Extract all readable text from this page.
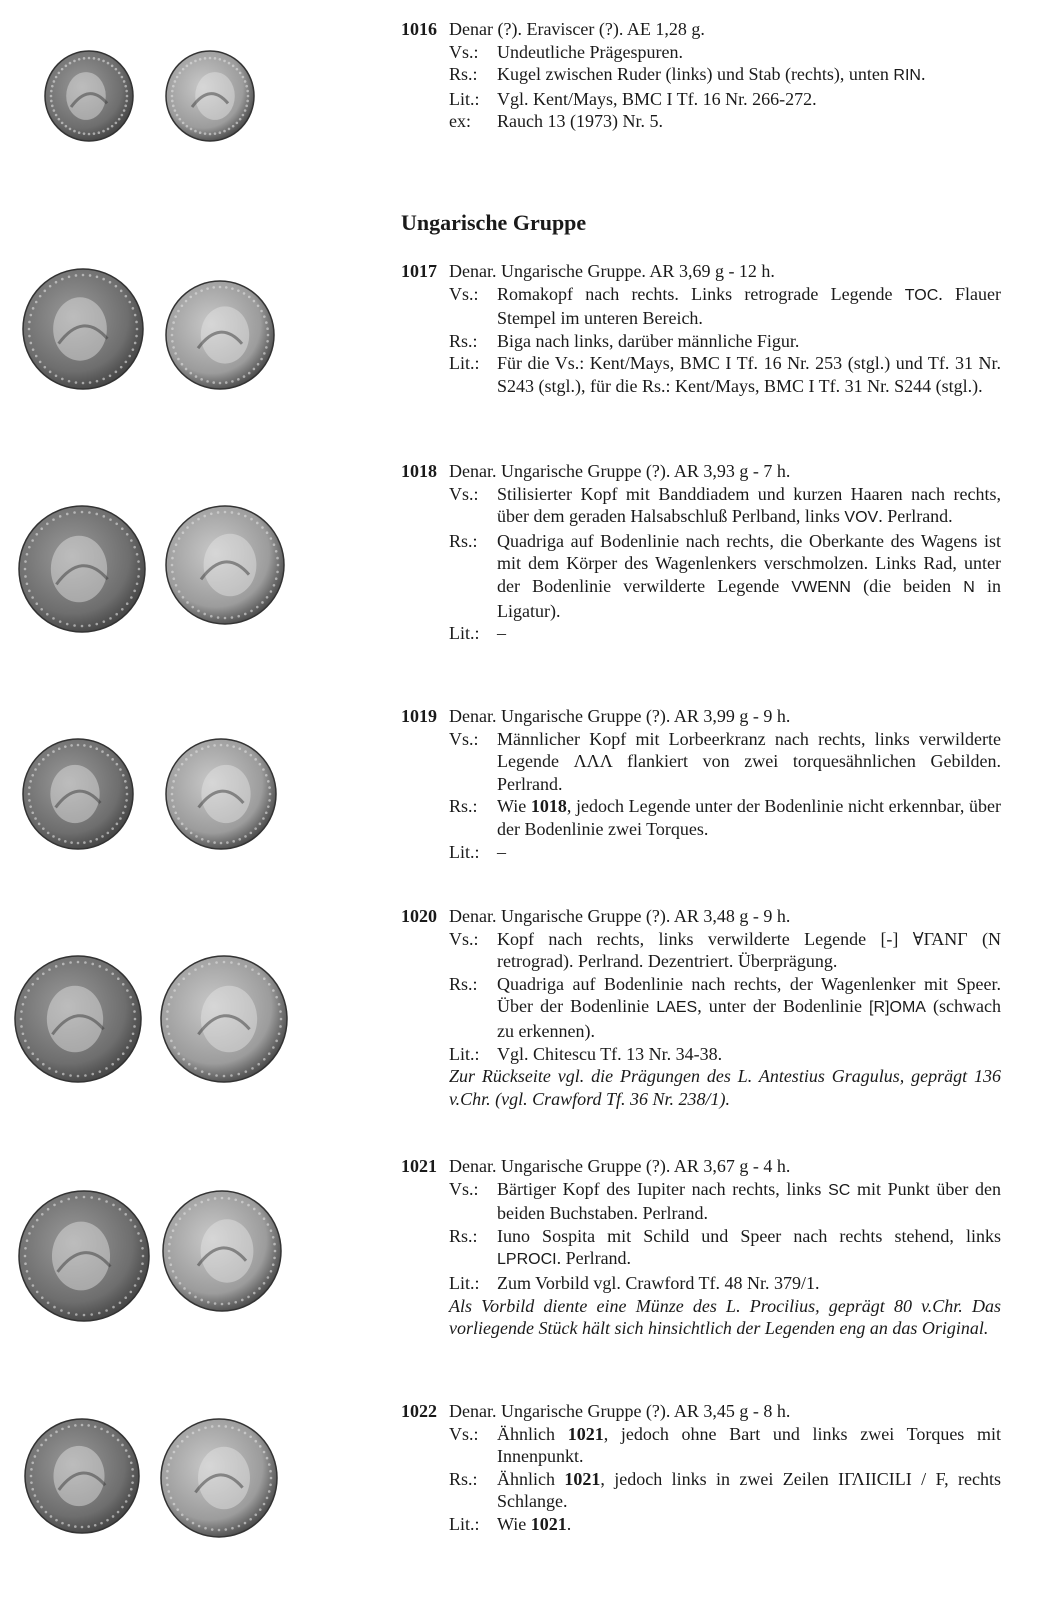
Ungarische Gruppe
1016 Denar (?). Eraviscer (?). AE 1,28 g.
Vs.:	Undeutliche Prägespuren.
Rs.:	Kugel zwischen Ruder (links) und Stab (rechts), unten RIN.
Lit.: Vgl. Kent/Mays, BMC I Tf. 16 Nr. 266-272.
ex:	Rauch 13 (1973) Nr. 5.
1017 Denar. Ungarische Gruppe. AR 3,69 g - 12 h.
Vs.:	Romakopf nach rechts. Links retrograde Legende TOC. Flauer Stempel im unteren Bereich.
Rs.:	Biga nach links, darüber männliche Figur.
Lit.: Für die Vs.: Kent/Mays, BMC I Tf. 16 Nr. 253 (stgl.) und Tf. 31 Nr. S243 (stgl.), für die Rs.: Kent/Mays, BMC I Tf. 31 Nr. S244 (stgl.).
1018 Denar. Ungarische Gruppe (?). AR 3,93 g - 7 h.
Vs.:	Stilisierter Kopf mit Banddiadem und kurzen Haaren nach rechts, über dem geraden Halsabschluß Perlband, links VOV. Perlrand.
Rs.:	Quadriga auf Bodenlinie nach rechts, die Oberkante des Wagens ist mit dem Körper des Wagenlenkers verschmolzen. Links Rad, unter der Bodenlinie verwilderte Legende VWENN (die beiden N in Ligatur).
Lit.: –
1019 Denar. Ungarische Gruppe (?). AR 3,99 g - 9 h.
Vs.:	Männlicher Kopf mit Lorbeerkranz nach rechts, links verwilderte Legende ΛΛΛ flankiert von zwei torquesähnlichen Gebilden. Perlrand.
Rs.:	Wie 1018, jedoch Legende unter der Bodenlinie nicht erkennbar, über der Bodenlinie zwei Torques.
Lit.: –
1020 Denar. Ungarische Gruppe (?). AR 3,48 g - 9 h.
Vs.:	Kopf nach rechts, links verwilderte Legende [-] ∀ΓΑΝΓ (N retrograd). Perlrand. Dezentriert. Überprägung.
Rs.:	Quadriga auf Bodenlinie nach rechts, der Wagenlenker mit Speer. Über der Bodenlinie LAES, unter der Bodenlinie [R]OMA (schwach zu erkennen).
Lit.: Vgl. Chitescu Tf. 13 Nr. 34-38.
Zur Rückseite vgl. die Prägungen des L. Antestius Gragulus, geprägt 136 v.Chr. (vgl. Crawford Tf. 36 Nr. 238/1).
1021 Denar. Ungarische Gruppe (?). AR 3,67 g - 4 h.
Vs.:	Bärtiger Kopf des Iupiter nach rechts, links SC mit Punkt über den beiden Buchstaben. Perlrand.
Rs.:	Iuno Sospita mit Schild und Speer nach rechts stehend, links LPROCI. Perlrand.
Lit.: Zum Vorbild vgl. Crawford Tf. 48 Nr. 379/1.
Als Vorbild diente eine Münze des L. Procilius, geprägt 80 v.Chr. Das vorliegende Stück hält sich hinsichtlich der Legenden eng an das Original.
1022 Denar. Ungarische Gruppe (?). AR 3,45 g - 8 h.
Vs.:	Ähnlich 1021, jedoch ohne Bart und links zwei Torques mit Innenpunkt.
Rs.:	Ähnlich 1021, jedoch links in zwei Zeilen ΙΓΛΙΙCΙLΙ / F, rechts Schlange.
Lit.: Wie 1021.
